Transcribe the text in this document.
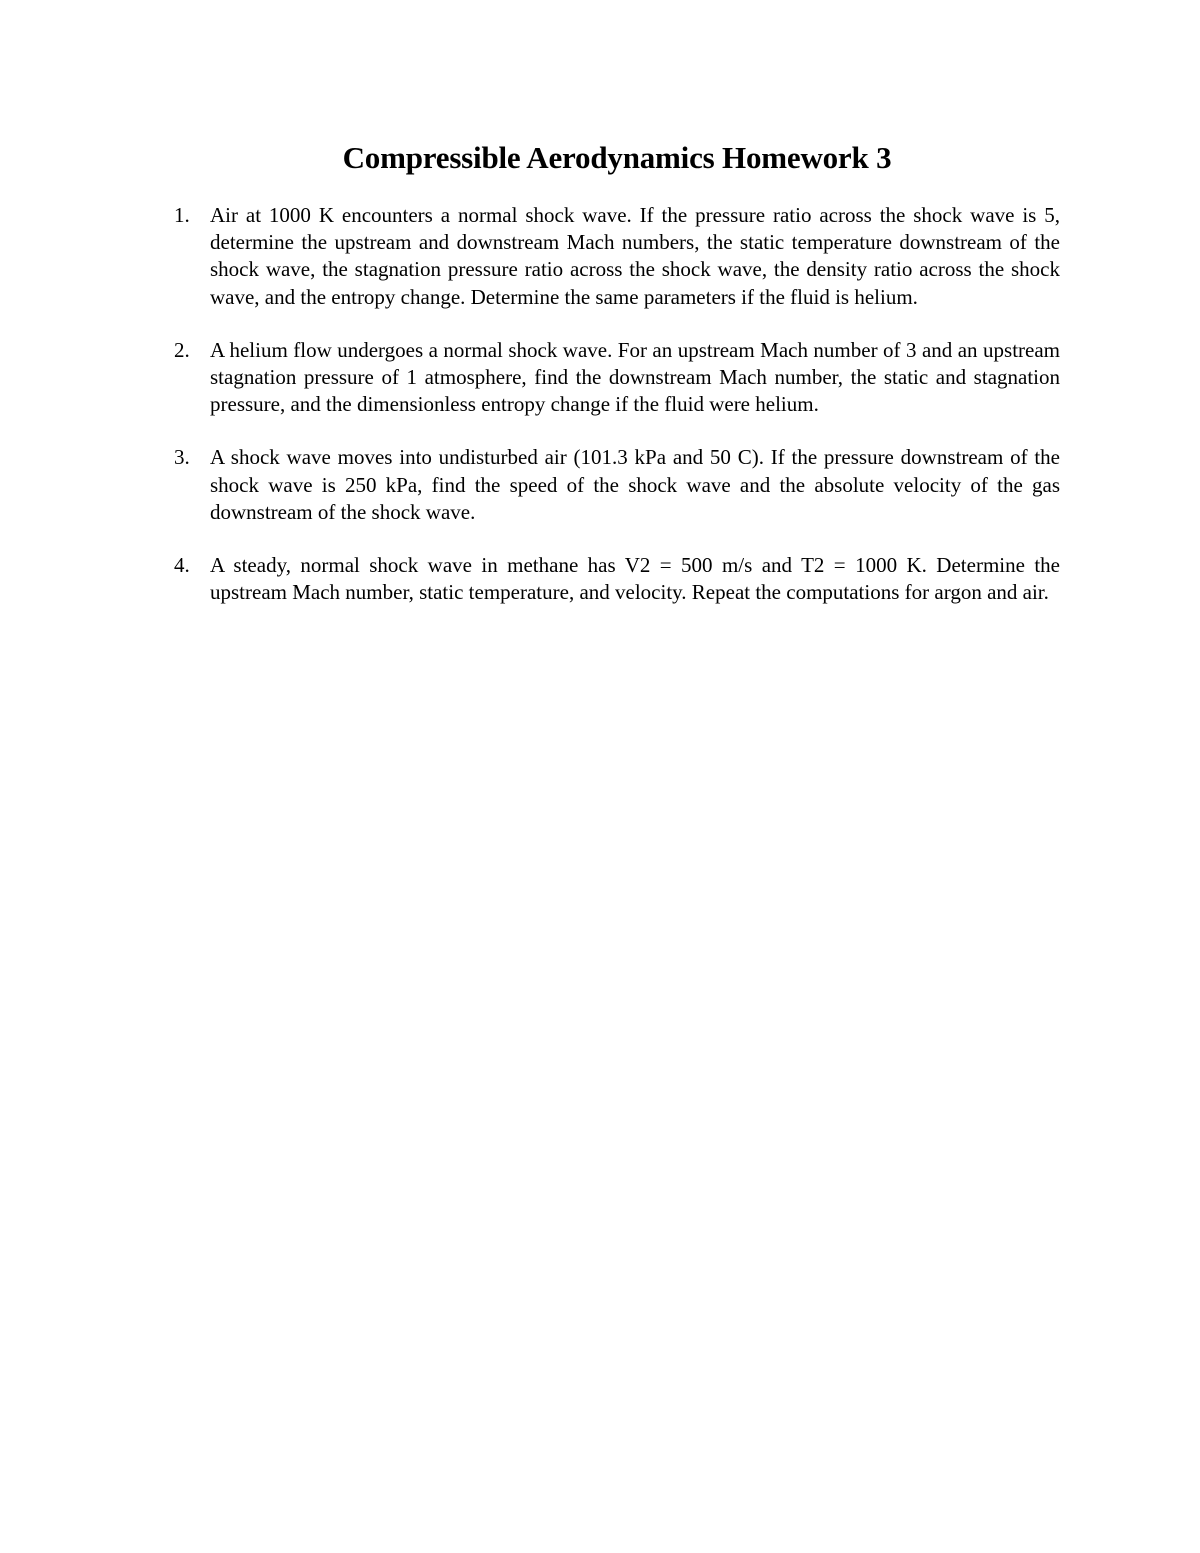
Compressible Aerodynamics Homework 3
1. Air at 1000 K encounters a normal shock wave. If the pressure ratio across the shock wave is 5, determine the upstream and downstream Mach numbers, the static temperature downstream of the shock wave, the stagnation pressure ratio across the shock wave, the density ratio across the shock wave, and the entropy change. Determine the same parameters if the fluid is helium.
2. A helium flow undergoes a normal shock wave. For an upstream Mach number of 3 and an upstream stagnation pressure of 1 atmosphere, find the downstream Mach number, the static and stagnation pressure, and the dimensionless entropy change if the fluid were helium.
3. A shock wave moves into undisturbed air (101.3 kPa and 50 C). If the pressure downstream of the shock wave is 250 kPa, find the speed of the shock wave and the absolute velocity of the gas downstream of the shock wave.
4. A steady, normal shock wave in methane has V2 = 500 m/s and T2 = 1000 K. Determine the upstream Mach number, static temperature, and velocity. Repeat the computations for argon and air.
